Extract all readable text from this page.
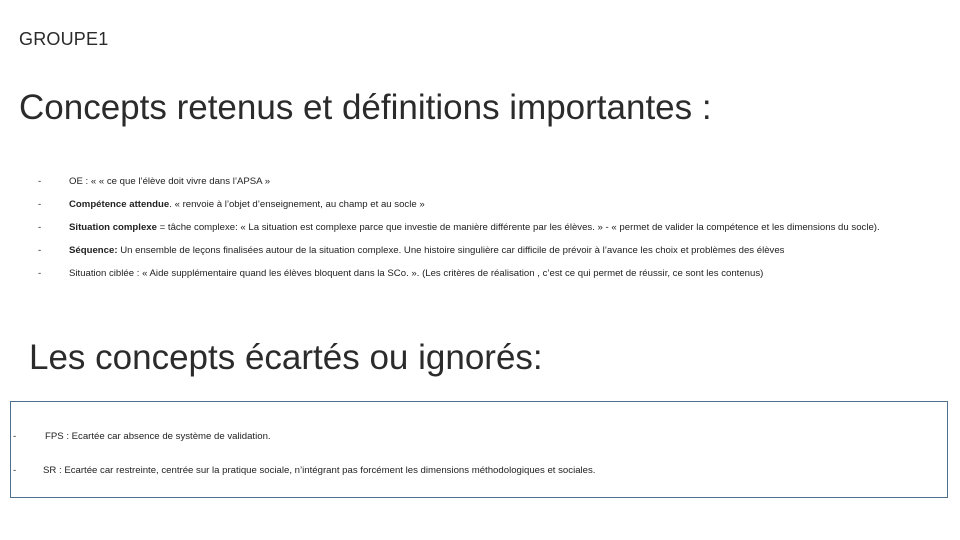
GROUPE1
Concepts retenus et définitions importantes :
-	OE : « « ce que l’élève doit vivre dans l’APSA »
-	Compétence attendue. « renvoie à l’objet d’enseignement, au champ et au socle »
-	Situation complexe = tâche complexe: « La situation est complexe parce que investie de manière différente par les élèves. » - « permet de valider la compétence et les dimensions du socle).
-	Séquence: Un ensemble de leçons finalisées autour de la situation complexe. Une histoire singulière car difficile de prévoir à l’avance les choix et problèmes des élèves
-	Situation ciblée : « Aide supplémentaire quand les élèves bloquent dans la SCo. ». (Les critères de réalisation , c’est ce qui permet de réussir, ce sont les contenus)
Les concepts écartés ou ignorés:
-	FPS : Ecartée car absence de système de validation.
-	SR : Ecartée car restreinte, centrée sur la pratique sociale, n’intégrant pas forcément les dimensions méthodologiques et sociales.
